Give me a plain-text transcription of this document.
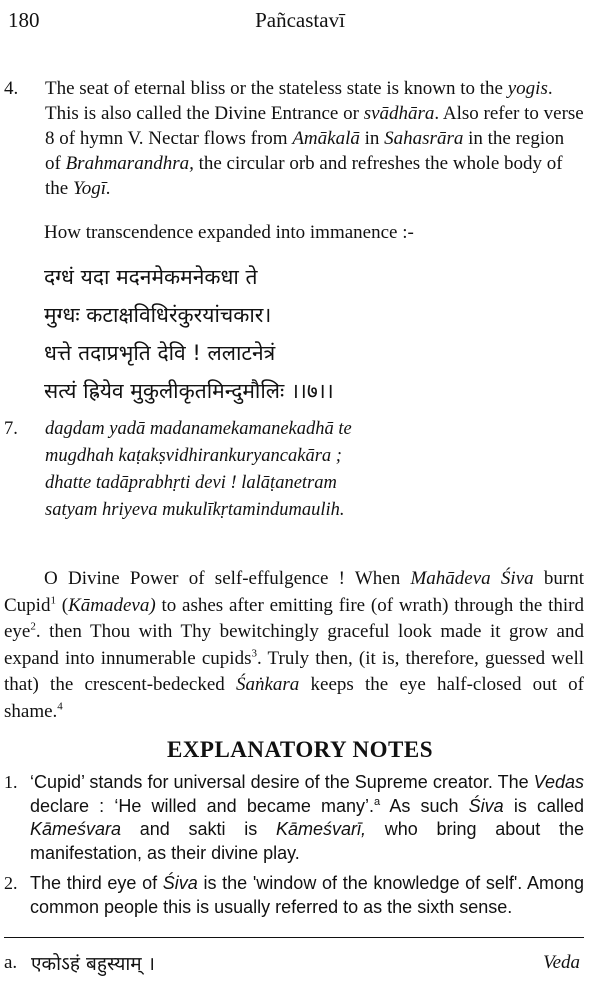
180	Pañcastavī
4. The seat of eternal bliss or the stateless state is known to the yogis. This is also called the Divine Entrance or svādhāra. Also refer to verse 8 of hymn V. Nectar flows from Amākalā in Sahasrāra in the region of Brahmarandhra, the circular orb and refreshes the whole body of the Yogī.
How transcendence expanded into immanence :-
दग्धं यदा मदनमेकमनेकधा ते
मुग्धः कटाक्षविधिरंकुरयांचकार।
धत्ते तदाप्रभृति देवि ! ललाटनेत्रं
सत्यं ह्रियेव मुकुलीकृतमिन्दुमौलिः ।।७।।
7. dagdam yadā madanamekamanekadhā te
mugdhah kaṭakṣvidhirankuryancakāra ;
dhatte tadāprabhṛti devi ! lalāṭanetram
satyam hriyeva mukulīkṛtamindumaulih.
O Divine Power of self-effulgence ! When Mahādeva Śiva burnt Cupid$^1$ (Kāmadeva) to ashes after emitting fire (of wrath) through the third eye$^2$. then Thou with Thy bewitchingly graceful look made it grow and expand into innumerable cupids$^3$. Truly then, (it is, therefore, guessed well that) the crescent-bedecked Śaṅkara keeps the eye half-closed out of shame.$^4$
EXPLANATORY NOTES
1. ‘Cupid’ stands for universal desire of the Supreme creator. The Vedas declare : ‘He willed and became many’.$^a$ As such Śiva is called Kāmeśvara and sakti is Kāmeśvarī, who bring about the manifestation, as their divine play.
2. The third eye of Śiva is the 'window of the knowledge of self'. Among common people this is usually referred to as the sixth sense.
a. एकोऽहं बहुस्याम् ।	Veda
